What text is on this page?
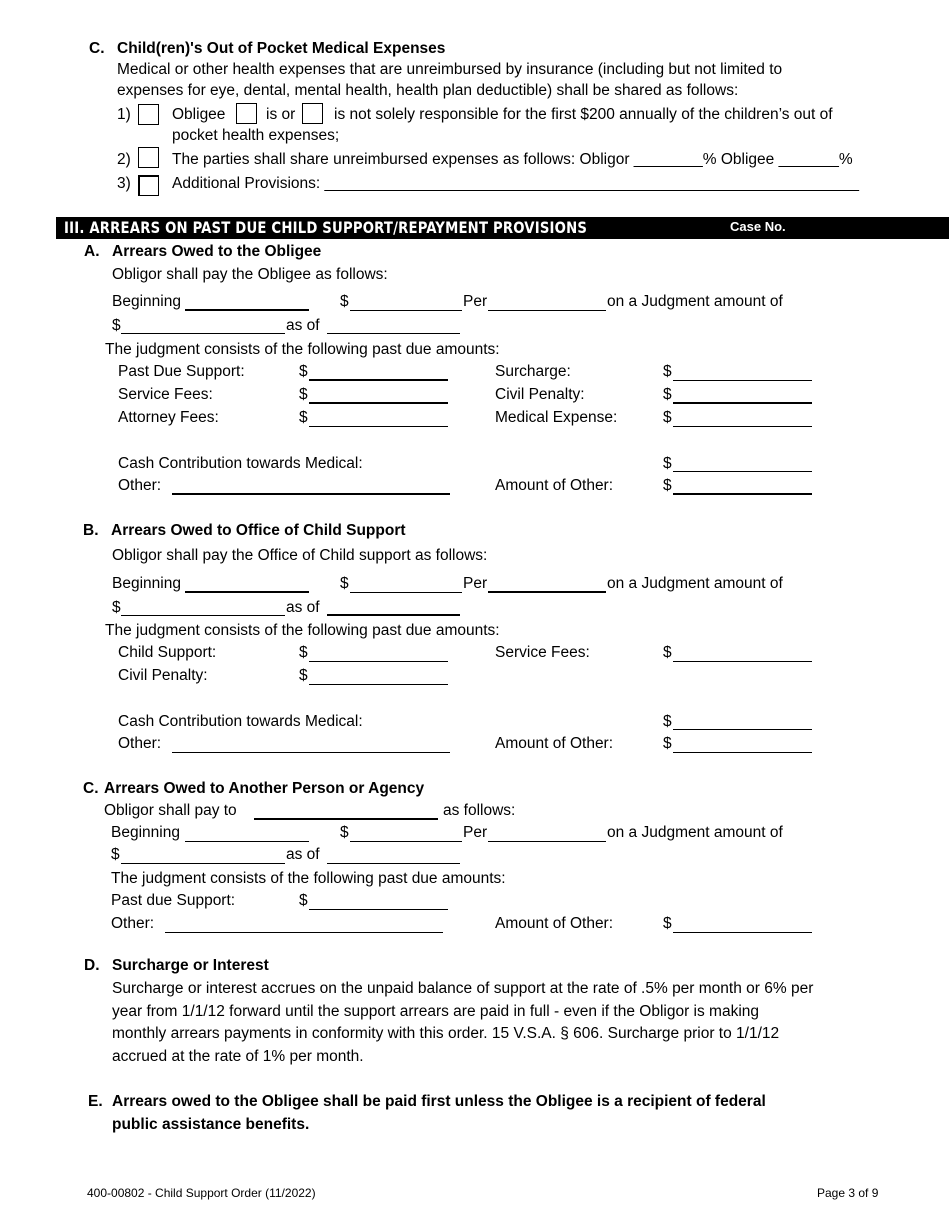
C. Child(ren)'s Out of Pocket Medical Expenses
Medical or other health expenses that are unreimbursed by insurance (including but not limited to
expenses for eye, dental, mental health, health plan deductible) shall be shared as follows:
1)	Obligee	is or is not solely responsible for the first $200 annually of the children’s out of
pocket health expenses;
2)	The parties shall share unreimbursed expenses as follows: Obligor ________% Obligee _______%
3)	Additional Provisions: ______________________________________________________________
III. ARREARS ON PAST DUE CHILD SUPPORT/REPAYMENT PROVISIONS	Case No.
A. Arrears Owed to the Obligee
Obligor shall pay the Obligee as follows:
Beginning	$	Per	on a Judgment amount of
$	as of
The judgment consists of the following past due amounts:
Past Due Support:	$	Surcharge:	$
Service Fees:	$	Civil Penalty:	$
Attorney Fees:	$	Medical Expense:	$
Cash Contribution towards Medical:	$
Other:	Amount of Other:	$
B. Arrears Owed to Office of Child Support
Obligor shall pay the Office of Child support as follows:
Beginning	$	Per	on a Judgment amount of
$	as of
The judgment consists of the following past due amounts:
Child Support:	$	Service Fees:	$
Civil Penalty:	$
Cash Contribution towards Medical:	$
Other:	Amount of Other:	$
C. Arrears Owed to Another Person or Agency
Obligor shall pay to	as follows:
Beginning	$	Per	on a Judgment amount of
$	as of
The judgment consists of the following past due amounts:
Past due Support:	$
Other:	Amount of Other:	$
D. Surcharge or Interest
Surcharge or interest accrues on the unpaid balance of support at the rate of .5% per month or 6% per
year from 1/1/12 forward until the support arrears are paid in full - even if the Obligor is making
monthly arrears payments in conformity with this order. 15 V.S.A. § 606. Surcharge prior to 1/1/12
accrued at the rate of 1% per month.
E. Arrears owed to the Obligee shall be paid first unless the Obligee is a recipient of federal
public assistance benefits.
400-00802 - Child Support Order (11/2022)	Page 3 of 9
